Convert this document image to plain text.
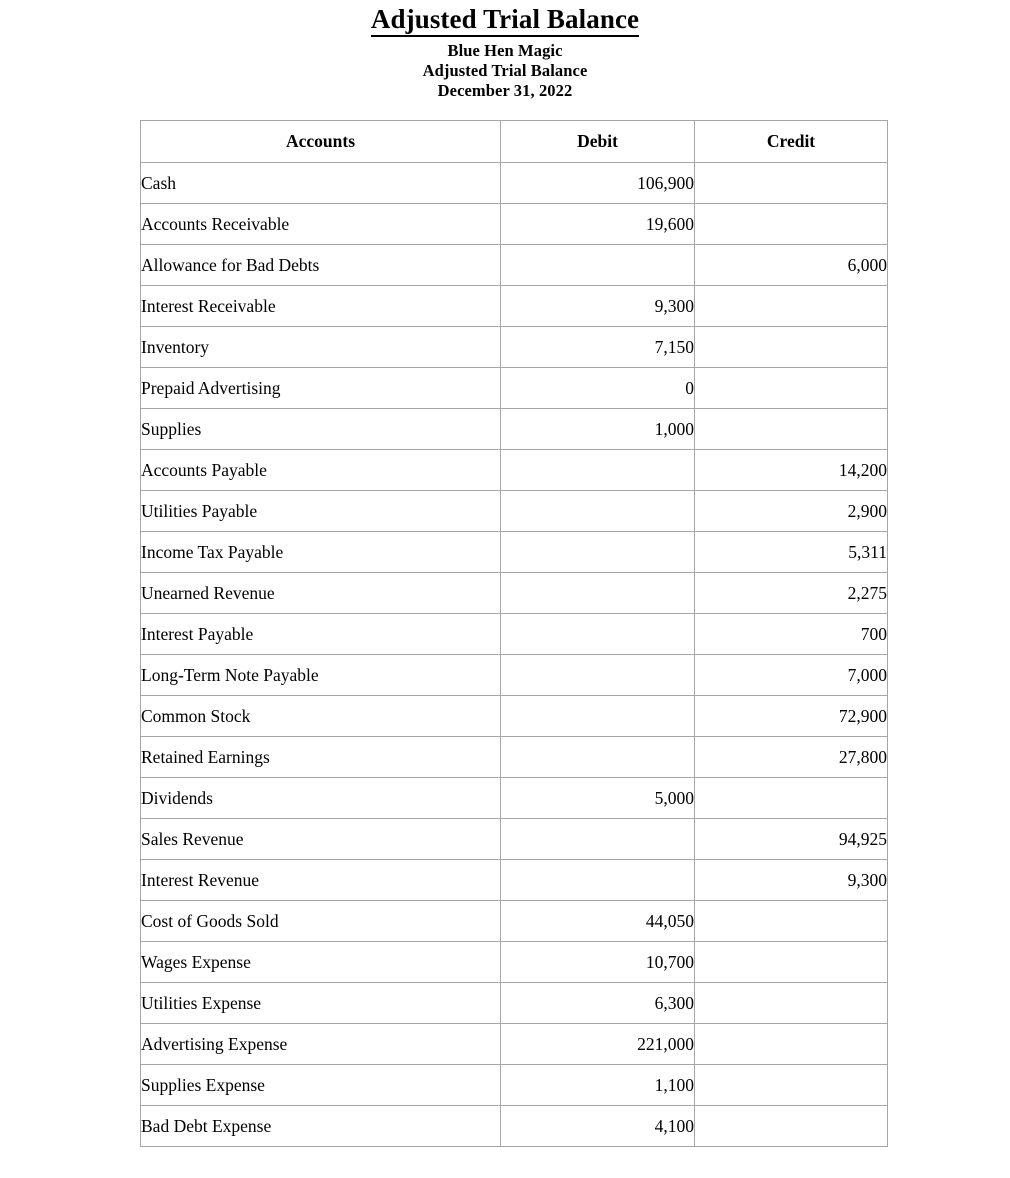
Adjusted Trial Balance
Blue Hen Magic
Adjusted Trial Balance
December 31, 2022
Accounts	Debit	Credit
Cash	106,900	
Accounts Receivable	19,600	
Allowance for Bad Debts		6,000
Interest Receivable	9,300	
Inventory	7,150	
Prepaid Advertising	0	
Supplies	1,000	
Accounts Payable		14,200
Utilities Payable		2,900
Income Tax Payable		5,311
Unearned Revenue		2,275
Interest Payable		700
Long-Term Note Payable		7,000
Common Stock		72,900
Retained Earnings		27,800
Dividends	5,000	
Sales Revenue		94,925
Interest Revenue		9,300
Cost of Goods Sold	44,050	
Wages Expense	10,700	
Utilities Expense	6,300	
Advertising Expense	221,000	
Supplies Expense	1,100	
Bad Debt Expense	4,100	
